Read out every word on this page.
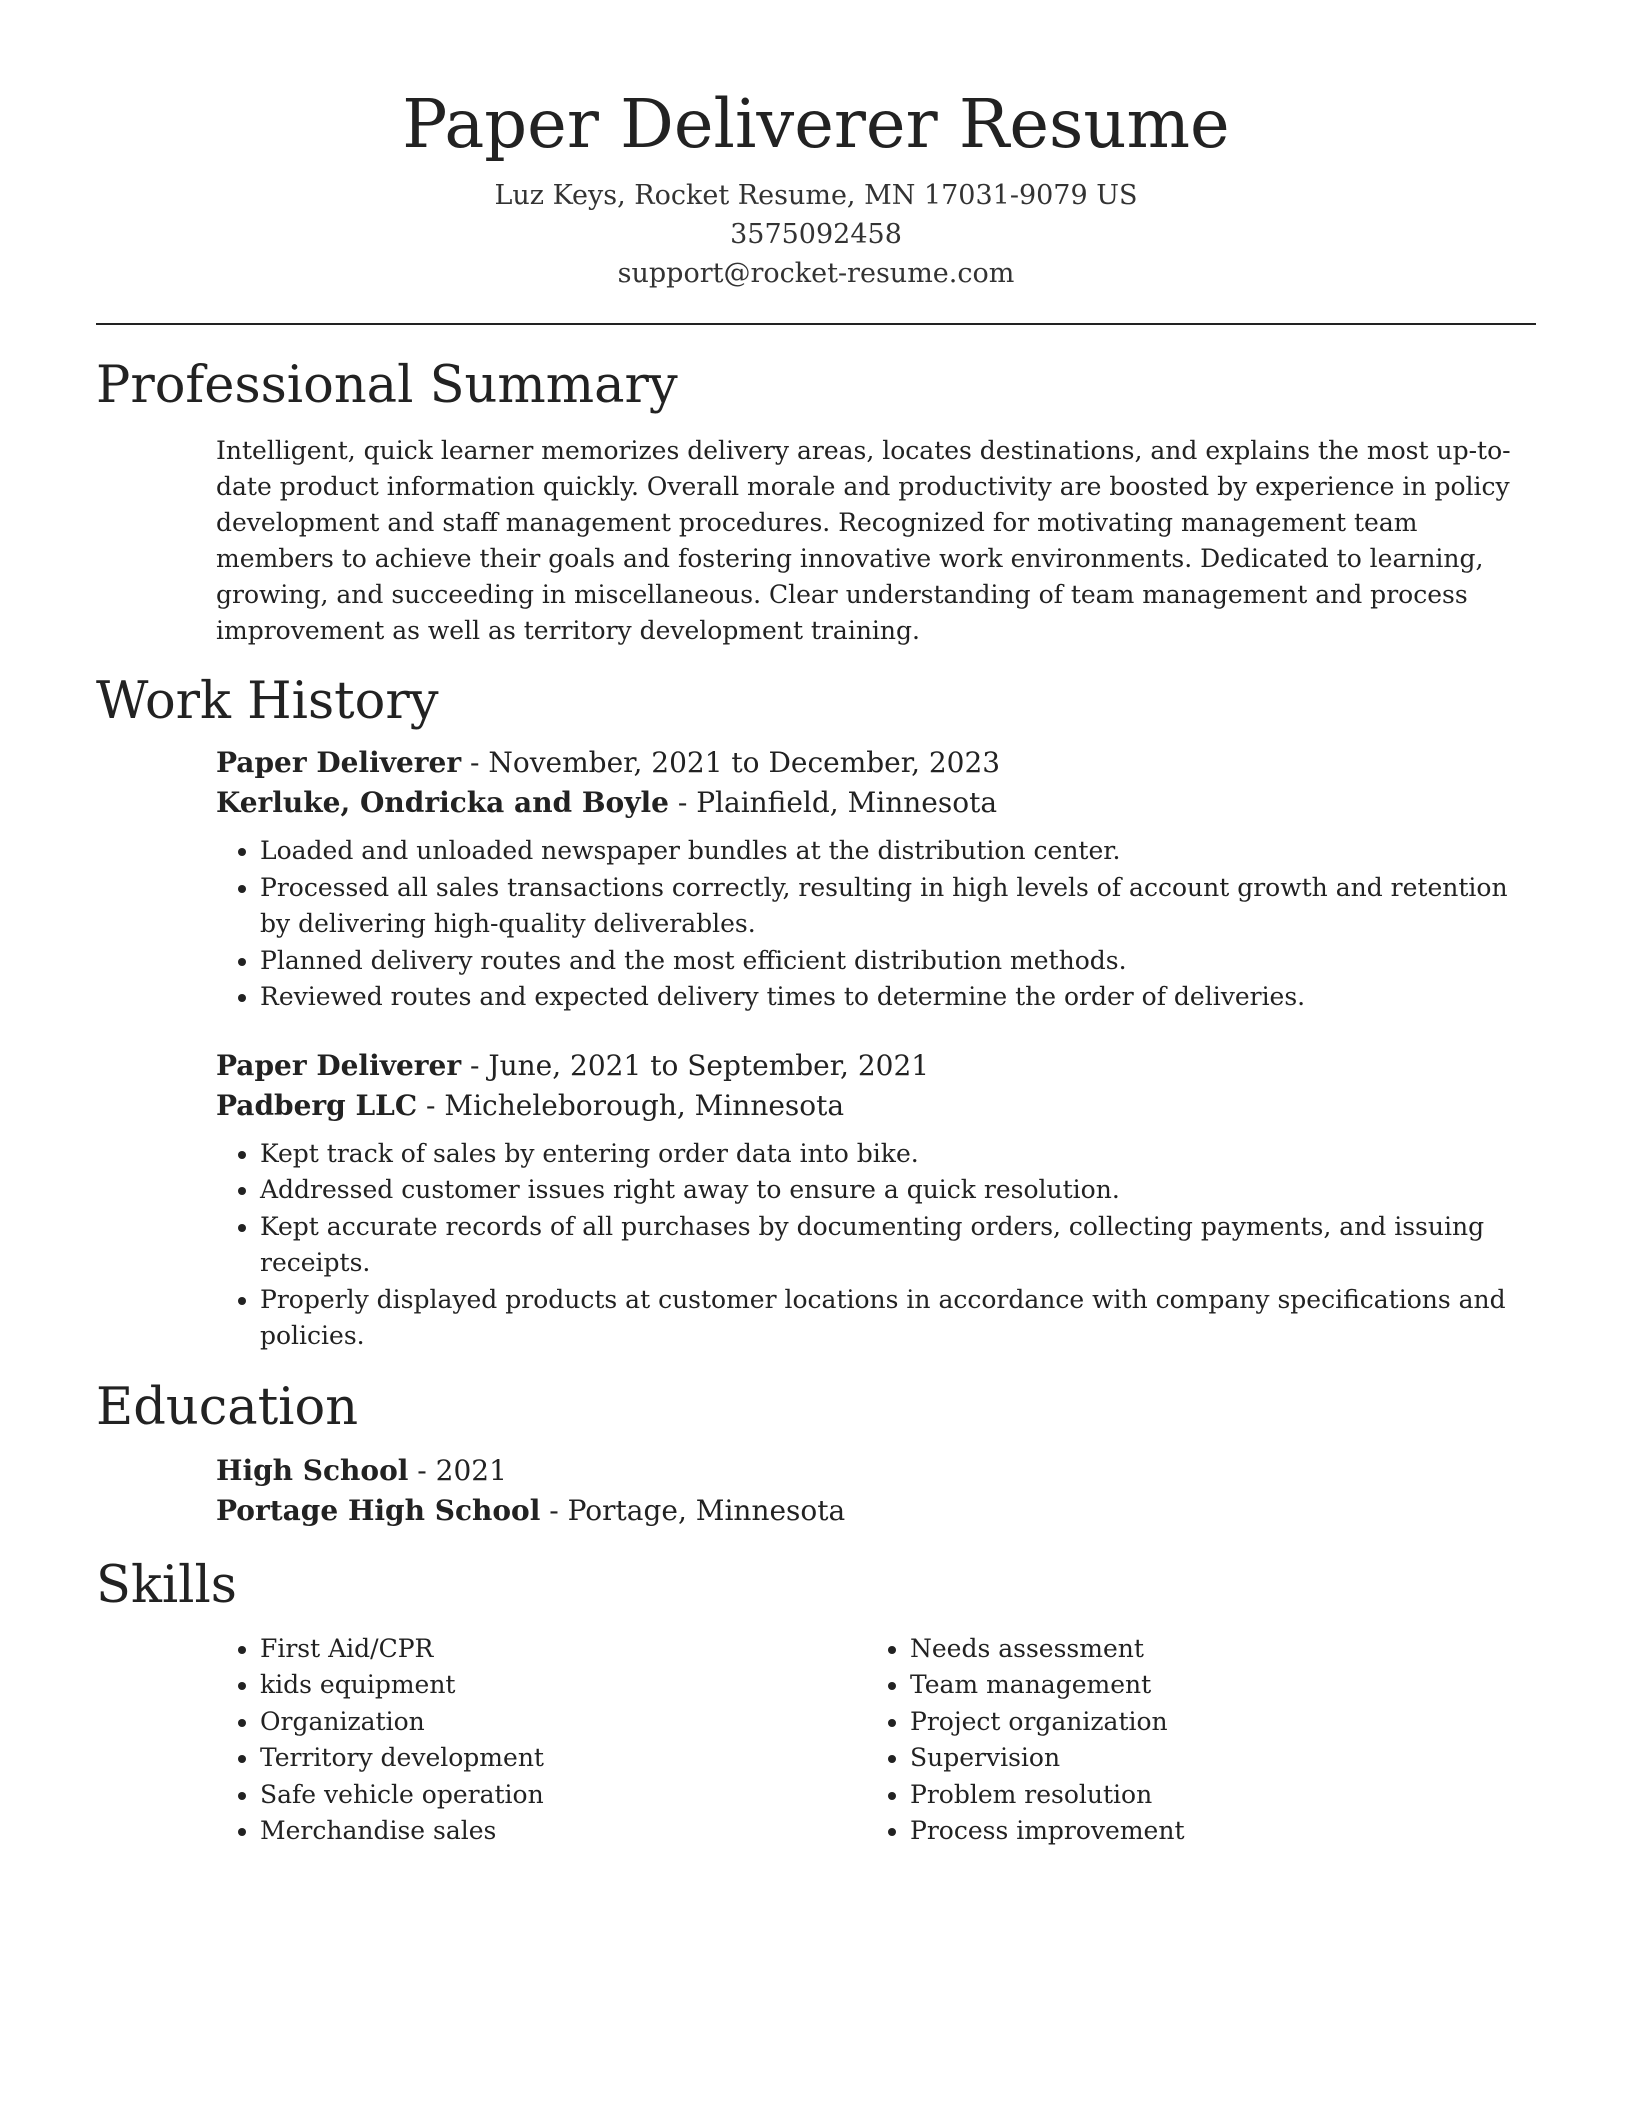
Paper Deliverer Resume
Luz Keys, Rocket Resume, MN 17031-9079 US
3575092458
support@rocket-resume.com
Professional Summary

Intelligent, quick learner memorizes delivery areas, locates destinations, and explains the most up-to-date product information quickly. Overall morale and productivity are boosted by experience in policy development and staff management procedures. Recognized for motivating management team members to achieve their goals and fostering innovative work environments. Dedicated to learning, growing, and succeeding in miscellaneous. Clear understanding of team management and process improvement as well as territory development training.

Work History
Paper Deliverer - November, 2021 to December, 2023
Kerluke, Ondricka and Boyle - Plainfield, Minnesota
• Loaded and unloaded newspaper bundles at the distribution center.
• Processed all sales transactions correctly, resulting in high levels of account growth and retention by delivering high-quality deliverables.
• Planned delivery routes and the most efficient distribution methods.
• Reviewed routes and expected delivery times to determine the order of deliveries.
Paper Deliverer - June, 2021 to September, 2021
Padberg LLC - Micheleborough, Minnesota
• Kept track of sales by entering order data into bike.
• Addressed customer issues right away to ensure a quick resolution.
• Kept accurate records of all purchases by documenting orders, collecting payments, and issuing receipts.
• Properly displayed products at customer locations in accordance with company specifications and policies.
Education
High School - 2021
Portage High School - Portage, Minnesota
Skills
• First Aid/CPR
• kids equipment
• Organization
• Territory development
• Safe vehicle operation
• Merchandise sales
• Needs assessment
• Team management
• Project organization
• Supervision
• Problem resolution
• Process improvement
